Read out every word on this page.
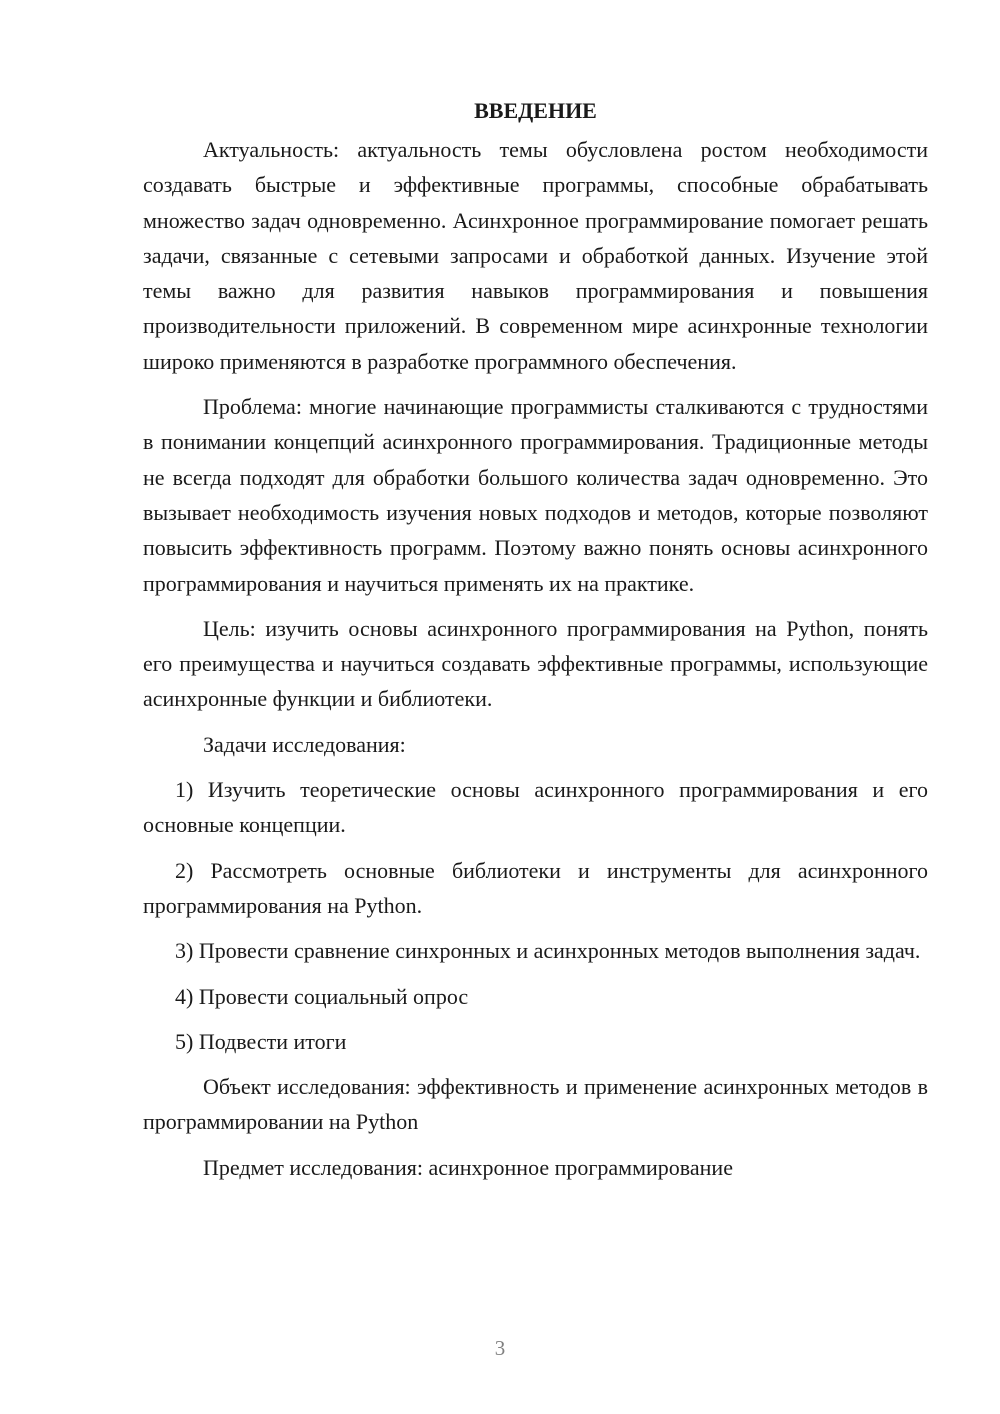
ВВЕДЕНИЕ

Актуальность: актуальность темы обусловлена ростом необходимости создавать быстрые и эффективные программы, способные обрабатывать множество задач одновременно. Асинхронное программирование помогает решать задачи, связанные с сетевыми запросами и обработкой данных. Изучение этой темы важно для развития навыков программирования и повышения производительности приложений. В современном мире асинхронные технологии широко применяются в разработке программного обеспечения.

Проблема: многие начинающие программисты сталкиваются с трудностями в понимании концепций асинхронного программирования. Традиционные методы не всегда подходят для обработки большого количества задач одновременно. Это вызывает необходимость изучения новых подходов и методов, которые позволяют повысить эффективность программ. Поэтому важно понять основы асинхронного программирования и научиться применять их на практике.

Цель: изучить основы асинхронного программирования на Python, понять его преимущества и научиться создавать эффективные программы, использующие асинхронные функции и библиотеки.

Задачи исследования:

1) Изучить теоретические основы асинхронного программирования и его основные концепции.

2) Рассмотреть основные библиотеки и инструменты для асинхронного программирования на Python.

3) Провести сравнение синхронных и асинхронных методов выполнения задач.

4) Провести социальный опрос

5) Подвести итоги

Объект исследования: эффективность и применение асинхронных методов в программировании на Python

Предмет исследования: асинхронное программирование

3
